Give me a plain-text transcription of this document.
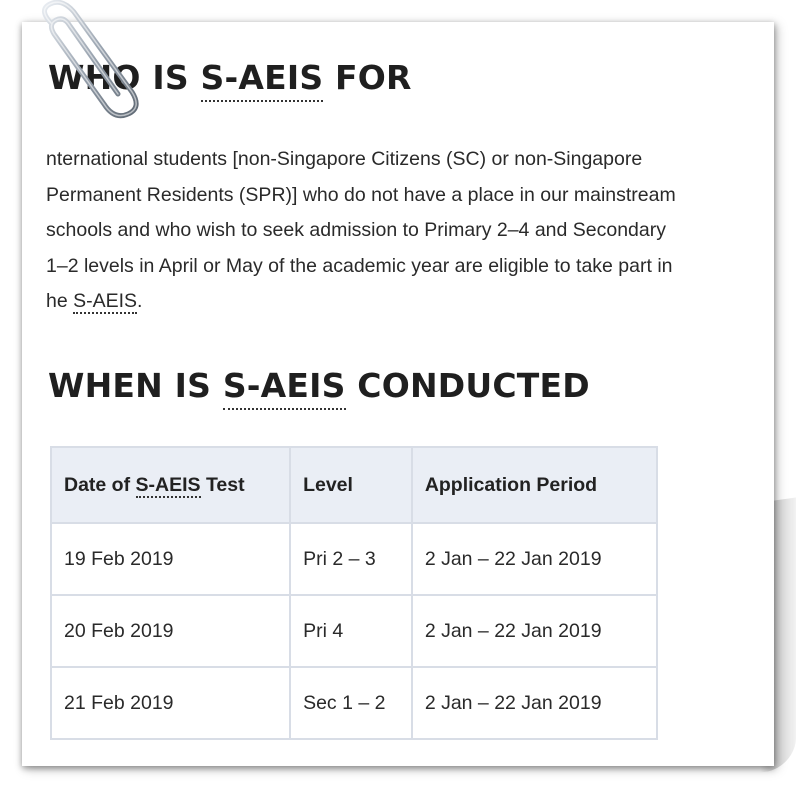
WHO IS S-AEIS FOR
nternational students [non-Singapore Citizens (SC) or non-Singapore
Permanent Residents (SPR)] who do not have a place in our mainstream
schools and who wish to seek admission to Primary 2–4 and Secondary
1–2 levels in April or May of the academic year are eligible to take part in
he S-AEIS.
WHEN IS S-AEIS CONDUCTED
Date of S-AEIS Test	Level	Application Period
19 Feb 2019	Pri 2 – 3	2 Jan – 22 Jan 2019
20 Feb 2019	Pri 4	2 Jan – 22 Jan 2019
21 Feb 2019	Sec 1 – 2	2 Jan – 22 Jan 2019
